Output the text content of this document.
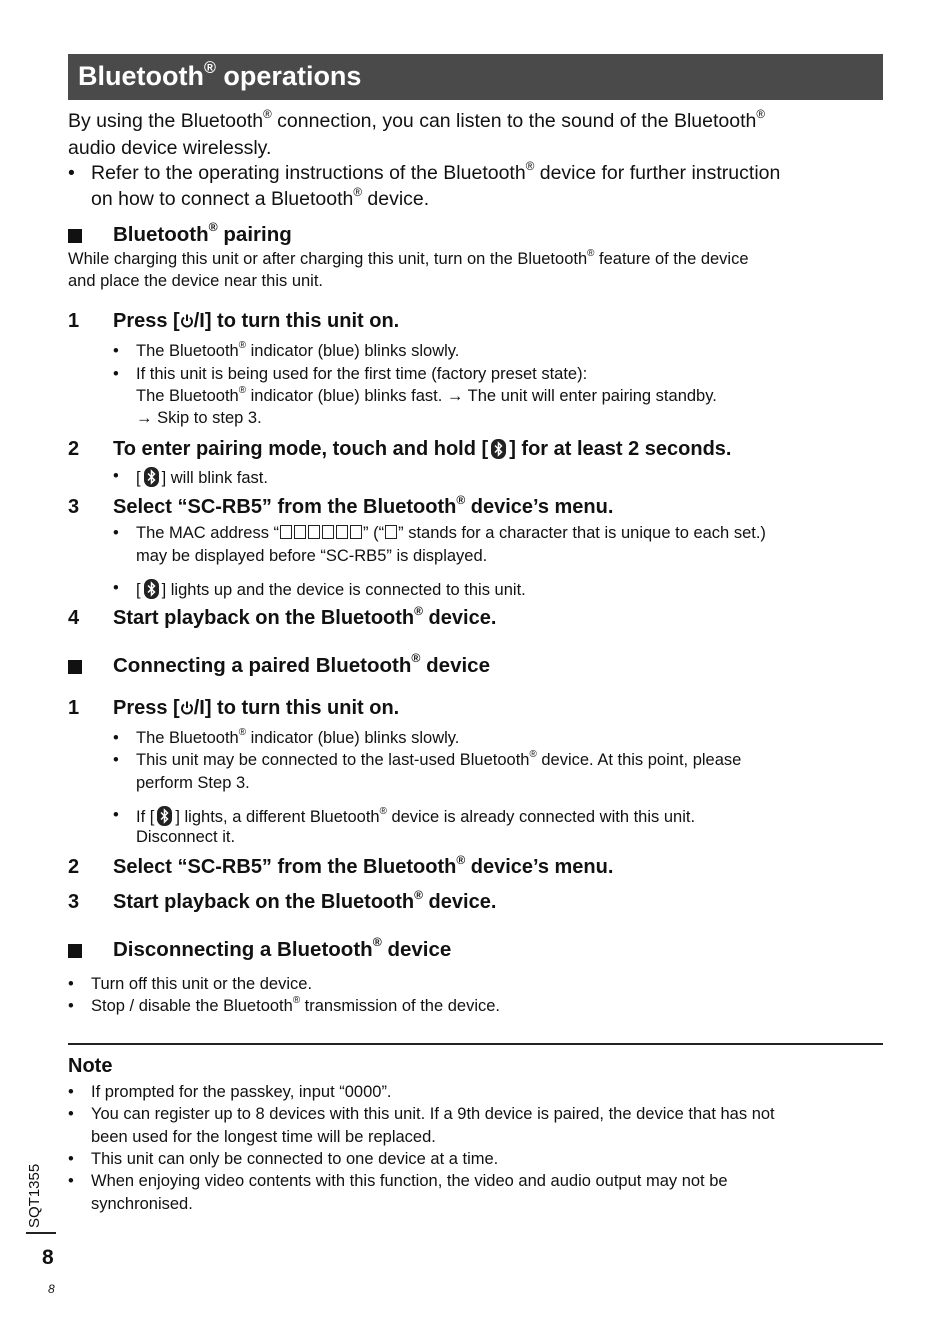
Bluetooth® operations
By using the Bluetooth® connection, you can listen to the sound of the Bluetooth®
audio device wirelessly.
• Refer to the operating instructions of the Bluetooth® device for further instruction
on how to connect a Bluetooth® device.
Bluetooth® pairing
While charging this unit or after charging this unit, turn on the Bluetooth® feature of the device
and place the device near this unit.
1 Press [ /I] to turn this unit on.
• The Bluetooth® indicator (blue) blinks slowly.
• If this unit is being used for the first time (factory preset state):
The Bluetooth® indicator (blue) blinks fast. → The unit will enter pairing standby.
→ Skip to step 3.
2 To enter pairing mode, touch and hold [ ] for at least 2 seconds.
• [ ] will blink fast.
3 Select “SC-RB5” from the Bluetooth® device’s menu.
• The MAC address “	” (“ ” stands for a character that is unique to each set.)
may be displayed before “SC-RB5” is displayed.
• [ ] lights up and the device is connected to this unit.
4 Start playback on the Bluetooth® device.
Connecting a paired Bluetooth® device
1 Press [ /I] to turn this unit on.
• The Bluetooth® indicator (blue) blinks slowly.
• This unit may be connected to the last-used Bluetooth® device. At this point, please
perform Step 3.
• If [ ] lights, a different Bluetooth® device is already connected with this unit.
Disconnect it.
2 Select “SC-RB5” from the Bluetooth® device’s menu.
3 Start playback on the Bluetooth® device.
Disconnecting a Bluetooth® device
• Turn off this unit or the device.
• Stop / disable the Bluetooth® transmission of the device.
Note
• If prompted for the passkey, input “0000”.
• You can register up to 8 devices with this unit. If a 9th device is paired, the device that has not
been used for the longest time will be replaced.
• This unit can only be connected to one device at a time.
• When enjoying video contents with this function, the video and audio output may not be
synchronised.
SQT1355
8
8
